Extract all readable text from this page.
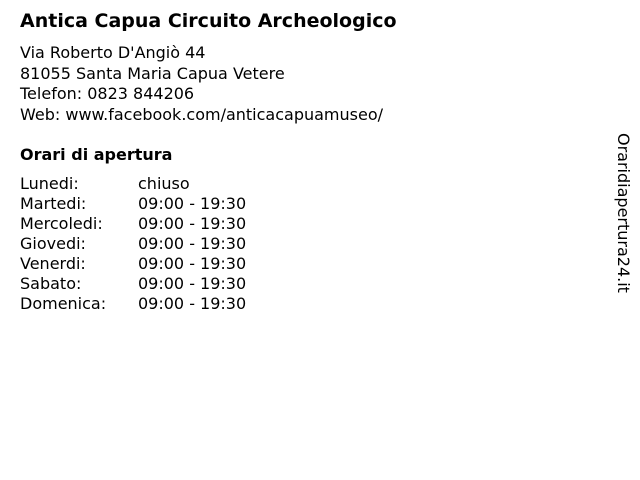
Antica Capua Circuito Archeologico
Via Roberto D'Angiò 44
81055 Santa Maria Capua Vetere
Telefon: 0823 844206
Web: www.facebook.com/anticacapuamuseo/
Orari di apertura
Lunedi:	chiuso
Martedi:	09:00 - 19:30
Mercoledi: 09:00 - 19:30
Giovedi:	09:00 - 19:30
Venerdi:	09:00 - 19:30
Sabato:	09:00 - 19:30
Domenica: 09:00 - 19:30
Oraridiapertura24.it
